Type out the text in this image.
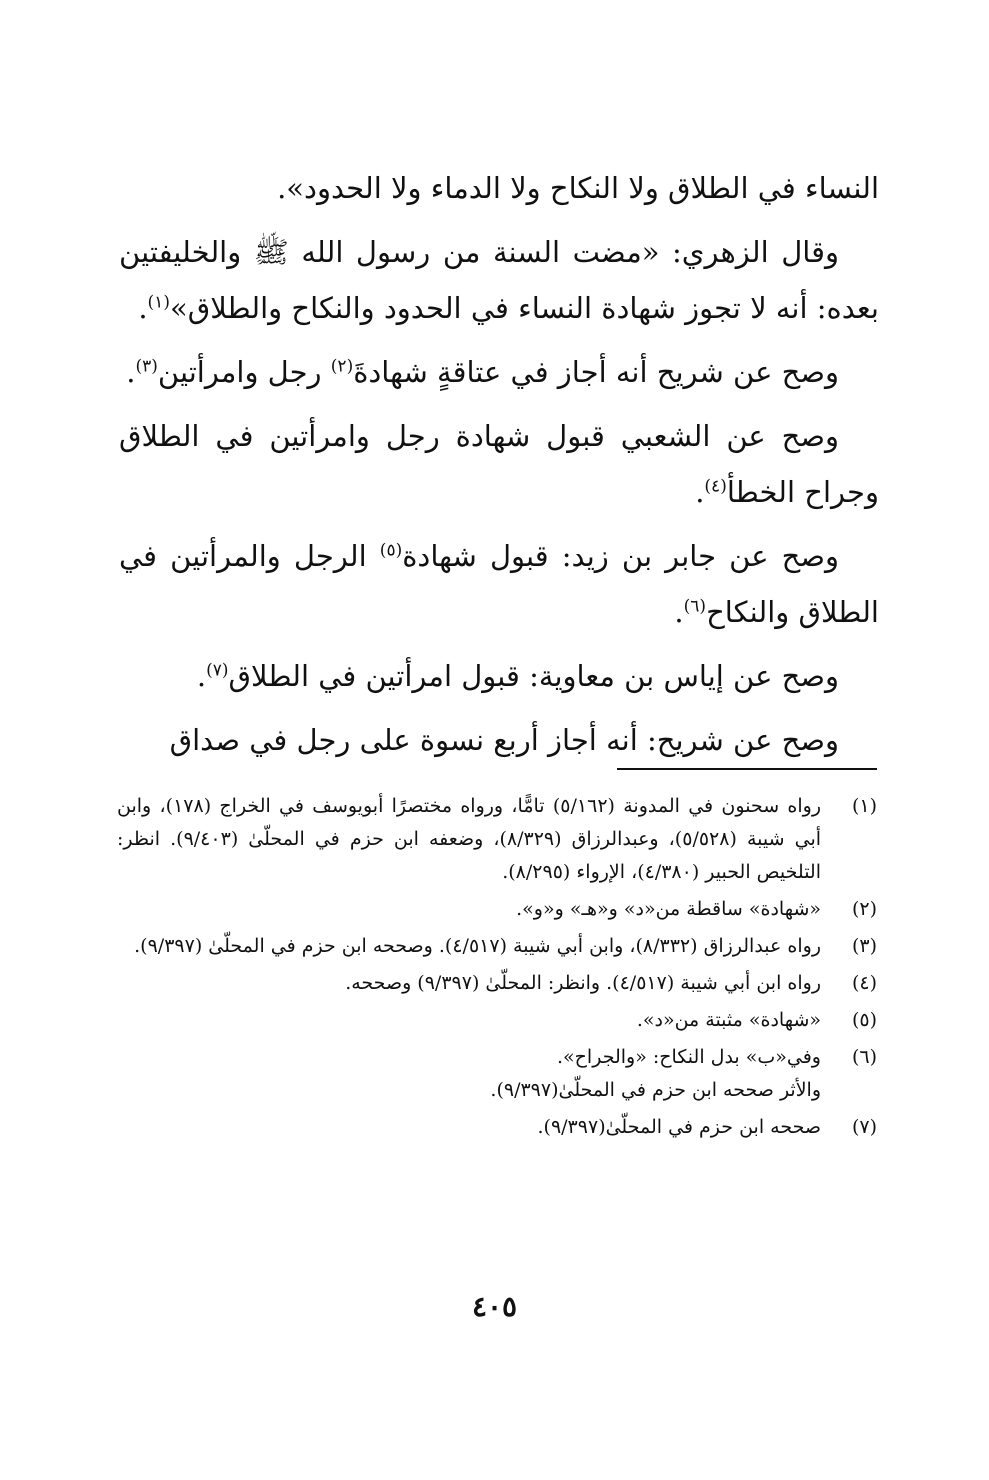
النساء في الطلاق ولا النكاح ولا الدماء ولا الحدود».

وقال الزهري: «مضت السنة من رسول الله ﷺ والخليفتين بعده: أنه لا تجوز شهادة النساء في الحدود والنكاح والطلاق»$^{(١)}$.

وصح عن شريح أنه أجاز في عتاقةٍ شهادةَ$^{(٢)}$ رجل وامرأتين$^{(٣)}$.

وصح عن الشعبي قبول شهادة رجل وامرأتين في الطلاق وجراح الخطأ$^{(٤)}$.

وصح عن جابر بن زيد: قبول شهادة$^{(٥)}$ الرجل والمرأتين في الطلاق والنكاح$^{(٦)}$.

وصح عن إياس بن معاوية: قبول امرأتين في الطلاق$^{(٧)}$.

وصح عن شريح: أنه أجاز أربع نسوة على رجل في صداق

(١)
رواه سحنون في المدونة (٥/١٦٢) تامًّا، ورواه مختصرًا أبويوسف في الخراج (١٧٨)، وابن أبي شيبة (٥/٥٢٨)، وعبدالرزاق (٨/٣٢٩)، وضعفه ابن حزم في المحلّىٰ (٩/٤٠٣). انظر: التلخيص الحبير (٤/٣٨٠)، الإرواء (٨/٢٩٥).
(٢)
«شهادة» ساقطة من«د» و«هـ» و«و».
(٣)
رواه عبدالرزاق (٨/٣٣٢)، وابن أبي شيبة (٤/٥١٧). وصححه ابن حزم في المحلّىٰ (٩/٣٩٧).
(٤)
رواه ابن أبي شيبة (٤/٥١٧). وانظر: المحلّىٰ (٩/٣٩٧) وصححه.
(٥)
«شهادة» مثبتة من«د».
(٦)
وفي«ب» بدل النكاح: «والجراح».
والأثر صححه ابن حزم في المحلّىٰ(٩/٣٩٧).
(٧)
صححه ابن حزم في المحلّىٰ(٩/٣٩٧).
٤٠٥
